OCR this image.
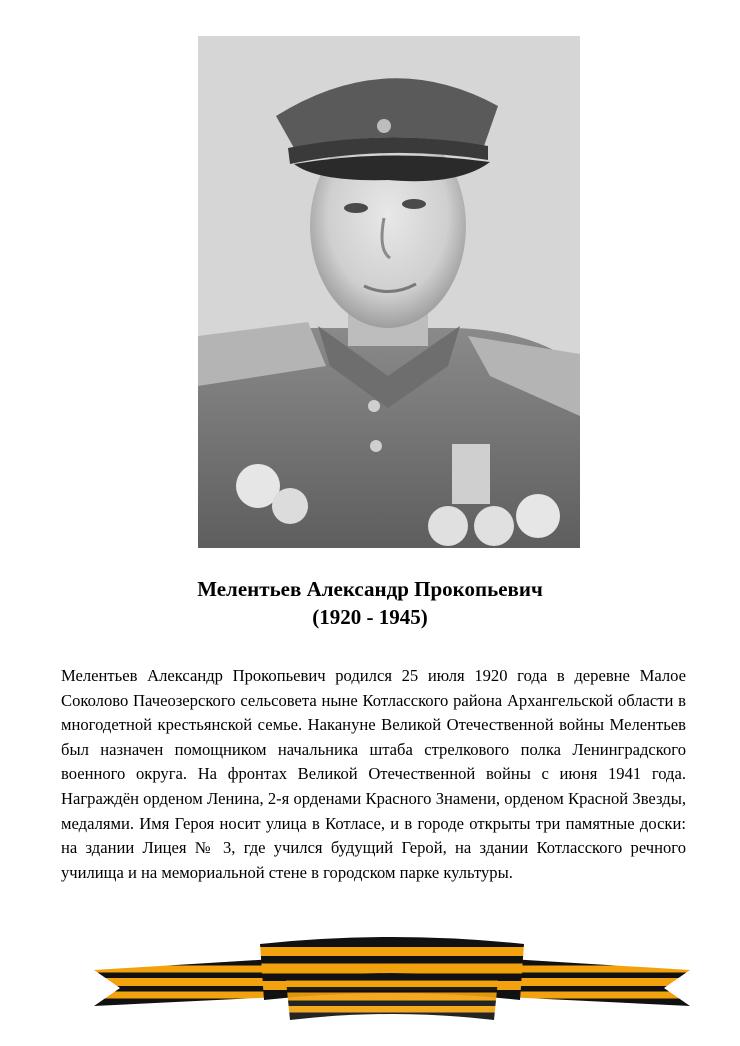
Мелентьев Александр Прокопьевич
(1920 - 1945)
Мелентьев Александр Прокопьевич родился 25 июля 1920 года в деревне Малое Соколово Пачеозерского сельсовета ныне Котласского района Архангельской области в многодетной крестьянской семье. Накануне Великой Отечественной войны Мелентьев был назначен помощником начальника штаба стрелкового полка Ленинградского военного округа. На фронтах Великой Отечественной войны с июня 1941 года. Награждён орденом Ленина, 2-я орденами Красного Знамени, орденом Красной Звезды, медалями. Имя Героя носит улица в Котласе, и в городе открыты три памятные доски: на здании Лицея № 3, где учился будущий Герой, на здании Котласского речного училища и на мемориальной стене в городском парке культуры.
